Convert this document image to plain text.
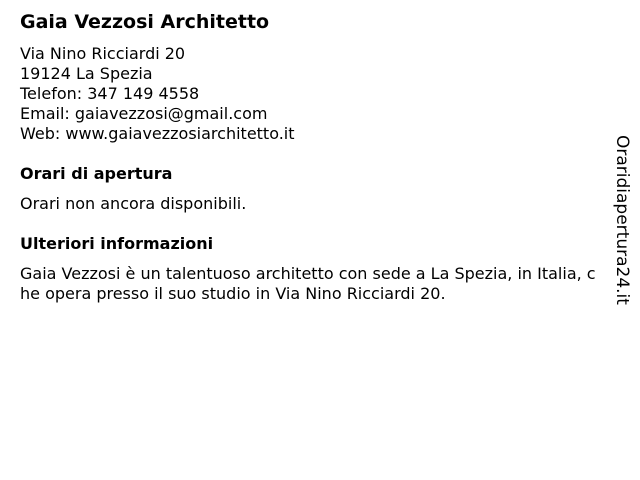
Gaia Vezzosi Architetto
Via Nino Ricciardi 20
19124 La Spezia
Telefon: 347 149 4558
Email: gaiavezzosi@gmail.com
Web: www.gaiavezzosiarchitetto.it
Orari di apertura

Orari non ancora disponibili.

Ulteriori informazioni

Gaia Vezzosi è un talentuoso architetto con sede a La Spezia, in Italia, che opera presso il suo studio in Via Nino Ricciardi 20.	Oraridiapertura24.it
